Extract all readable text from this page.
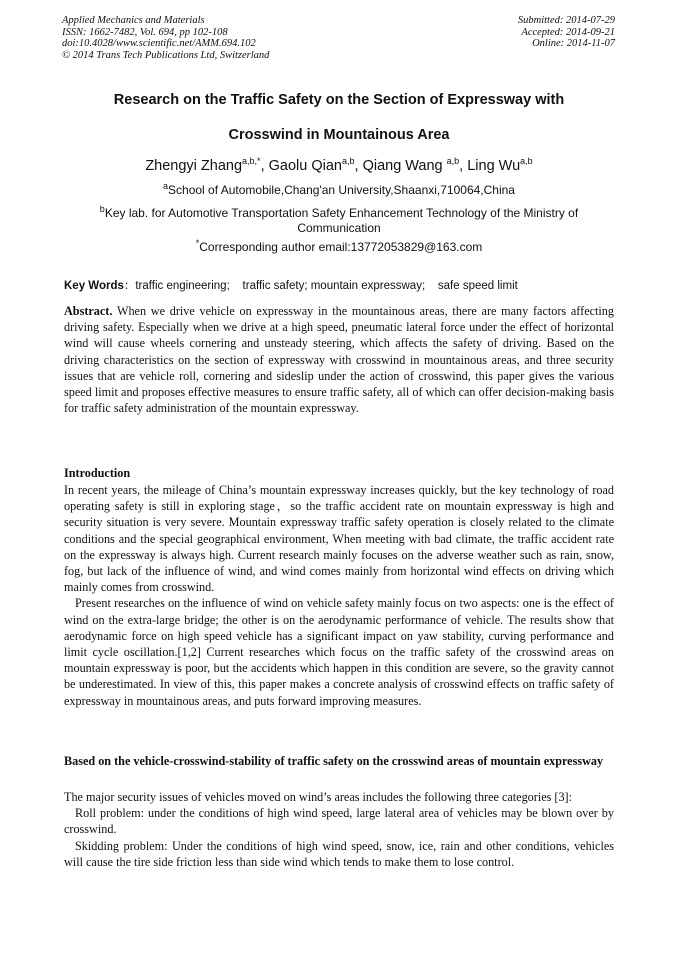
Applied Mechanics and Materials
ISSN: 1662-7482, Vol. 694, pp 102-108
doi:10.4028/www.scientific.net/AMM.694.102
© 2014 Trans Tech Publications Ltd, Switzerland
Submitted: 2014-07-29
Accepted: 2014-09-21
Online: 2014-11-07
Research on the Traffic Safety on the Section of Expressway with
Crosswind in Mountainous Area
Zhengyi Zhang$^{a,b,*}$, Gaolu Qian$^{a,b}$, Qiang Wang $^{a,b}$, Ling Wu$^{a,b}$
$^a$School of Automobile,Chang'an University,Shaanxi,710064,China
$^b$Key lab. for Automotive Transportation Safety Enhancement Technology of the Ministry of Communication
*Corresponding author email:13772053829@163.com
Key Words：traffic engineering;    traffic safety; mountain expressway;    safe speed limit

Abstract. When we drive vehicle on expressway in the mountainous areas, there are many factors affecting driving safety. Especially when we drive at a high speed, pneumatic lateral force under the effect of horizontal wind will cause wheels cornering and unsteady steering, which affects the safety of driving. Based on the driving characteristics on the section of expressway with crosswind in mountainous areas, and three security issues that are vehicle roll, cornering and sideslip under the action of crosswind, this paper gives the various speed limit and proposes effective measures to ensure traffic safety, all of which can offer decision-making basis for traffic safety administration of the mountain expressway.

Introduction

In recent years, the mileage of China’s mountain expressway increases quickly, but the key technology of road operating safety is still in exploring stage，so the traffic accident rate on mountain expressway is high and security situation is very severe. Mountain expressway traffic safety operation is closely related to the climate conditions and the special geographical environment, When meeting with bad climate, the traffic accident rate on the expressway is always high. Current research mainly focuses on the adverse weather such as rain, snow, fog, but lack of the influence of wind, and wind comes mainly from horizontal wind effects on driving which mainly comes from crosswind.

Present researches on the influence of wind on vehicle safety mainly focus on two aspects: one is the effect of wind on the extra-large bridge; the other is on the aerodynamic performance of vehicle. The results show that aerodynamic force on high speed vehicle has a significant impact on yaw stability, curving performance and limit cycle oscillation.[1,2] Current researches which focus on the traffic safety of the crosswind areas on mountain expressway is poor, but the accidents which happen in this condition are severe, so the gravity cannot be underestimated. In view of this, this paper makes a concrete analysis of crosswind effects on traffic safety of expressway in mountainous areas, and puts forward improving measures.

Based on the vehicle-crosswind-stability of traffic safety on the crosswind areas of mountain expressway

The major security issues of vehicles moved on wind’s areas includes the following three categories [3]:

Roll problem: under the conditions of high wind speed, large lateral area of vehicles may be blown over by crosswind.

Skidding problem: Under the conditions of high wind speed, snow, ice, rain and other conditions, vehicles will cause the tire side friction less than side wind which tends to make them to lose control.
